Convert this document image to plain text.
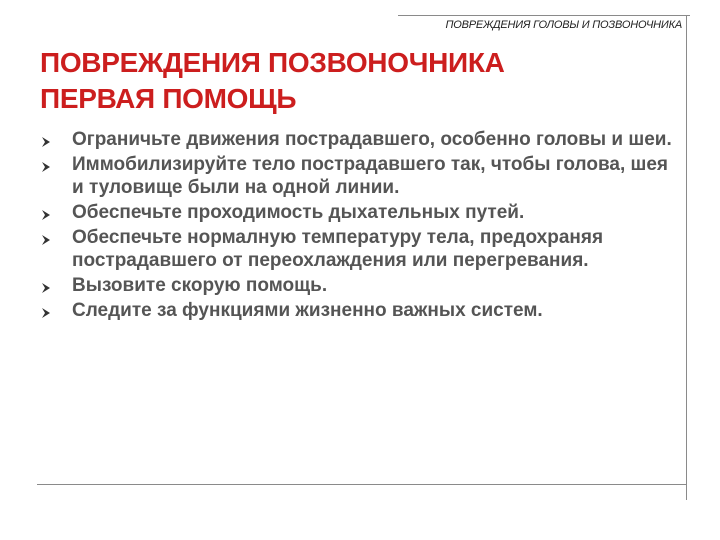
ПОВРЕЖДЕНИЯ ГОЛОВЫ И ПОЗВОНОЧНИКА
ПОВРЕЖДЕНИЯ ПОЗВОНОЧНИКА
ПЕРВАЯ ПОМОЩЬ
Ограничьте движения пострадавшего, особенно головы и шеи.
Иммобилизируйте тело пострадавшего так, чтобы голова, шея и туловище были на одной линии.
Обеспечьте проходимость дыхательных путей.
Обеспечьте нормалную температуру тела, предохраняя пострадавшего от переохлаждения или перегревания.
Вызовите скорую помощь.
Следите за функциями жизненно важных систем.
